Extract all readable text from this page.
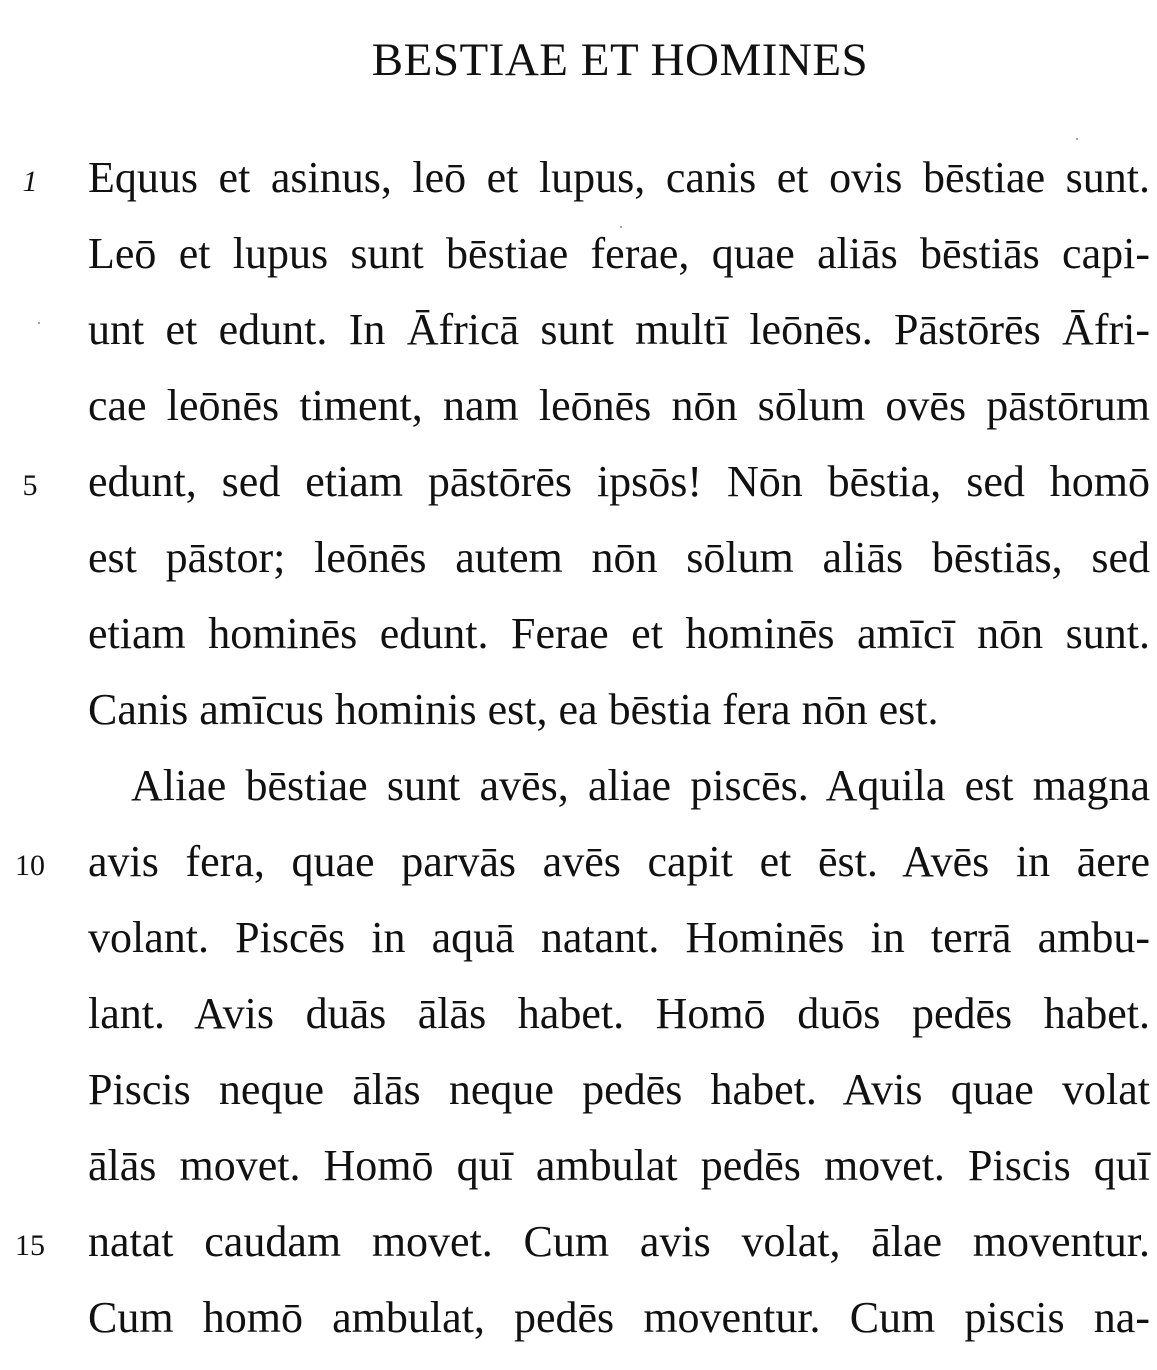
BESTIAE ET HOMINES
1
5
10
15
Equus et asinus, leō et lupus, canis et ovis bēstiae sunt.
Leō et lupus sunt bēstiae ferae, quae aliās bēstiās capi-
unt et edunt. In Āfricā sunt multī leōnēs. Pāstōrēs Āfri-
cae leōnēs timent, nam leōnēs nōn sōlum ovēs pāstōrum
edunt, sed etiam pāstōrēs ipsōs! Nōn bēstia, sed homō
est pāstor; leōnēs autem nōn sōlum aliās bēstiās, sed
etiam hominēs edunt. Ferae et hominēs amīcī nōn sunt.
Canis amīcus hominis est, ea bēstia fera nōn est.
Aliae bēstiae sunt avēs, aliae piscēs. Aquila est magna
avis fera, quae parvās avēs capit et ēst. Avēs in āere
volant. Piscēs in aquā natant. Hominēs in terrā ambu-
lant. Avis duās ālās habet. Homō duōs pedēs habet.
Piscis neque ālās neque pedēs habet. Avis quae volat
ālās movet. Homō quī ambulat pedēs movet. Piscis quī
natat caudam movet. Cum avis volat, ālae moventur.
Cum homō ambulat, pedēs moventur. Cum piscis na-
